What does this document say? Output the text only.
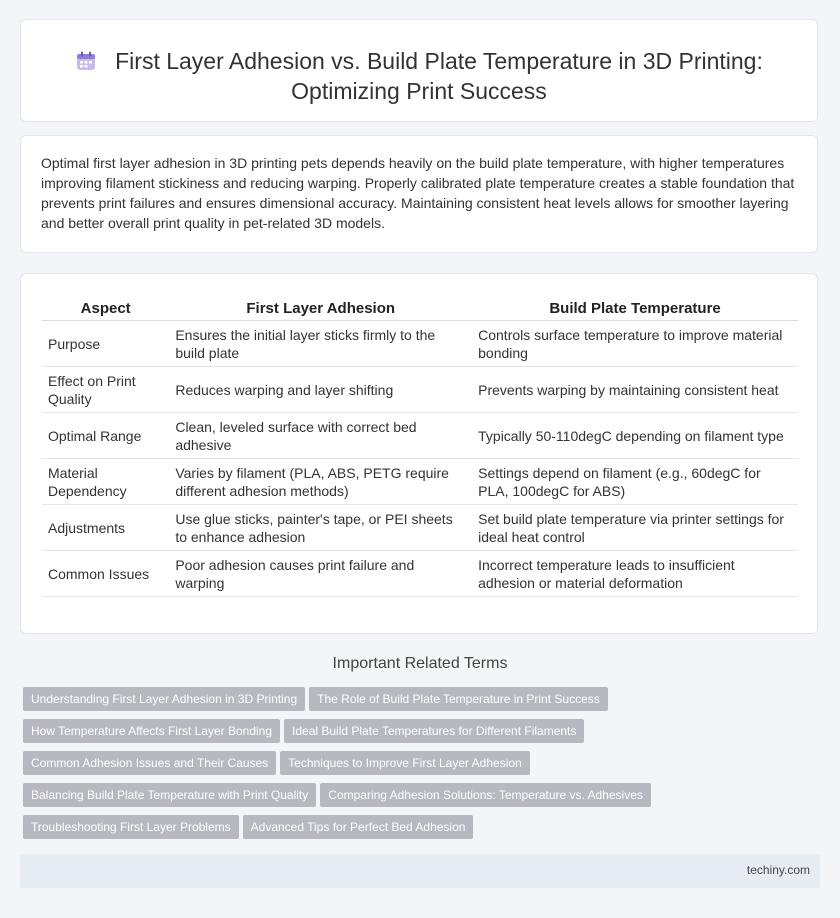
First Layer Adhesion vs. Build Plate Temperature in 3D Printing:
Optimizing Print Success

Optimal first layer adhesion in 3D printing pets depends heavily on the build plate temperature, with higher temperatures improving filament stickiness and reducing warping. Properly calibrated plate temperature creates a stable foundation that prevents print failures and ensures dimensional accuracy. Maintaining consistent heat levels allows for smoother layering and better overall print quality in pet-related 3D models.

Aspect	First Layer Adhesion	Build Plate Temperature
Purpose	Ensures the initial layer sticks firmly to the build plate	Controls surface temperature to improve material bonding
Effect on Print Quality	Reduces warping and layer shifting	Prevents warping by maintaining consistent heat
Optimal Range	Clean, leveled surface with correct bed adhesive	Typically 50-110degC depending on filament type
Material Dependency	Varies by filament (PLA, ABS, PETG require different adhesion methods)	Settings depend on filament (e.g., 60degC for PLA, 100degC for ABS)
Adjustments	Use glue sticks, painter's tape, or PEI sheets to enhance adhesion	Set build plate temperature via printer settings for ideal heat control
Common Issues	Poor adhesion causes print failure and warping	Incorrect temperature leads to insufficient adhesion or material deformation
Important Related Terms
Understanding First Layer Adhesion in 3D Printing The Role of Build Plate Temperature in Print Success
How Temperature Affects First Layer Bonding Ideal Build Plate Temperatures for Different Filaments
Common Adhesion Issues and Their Causes Techniques to Improve First Layer Adhesion
Balancing Build Plate Temperature with Print Quality Comparing Adhesion Solutions: Temperature vs. Adhesives
Troubleshooting First Layer Problems Advanced Tips for Perfect Bed Adhesion
techiny.com
